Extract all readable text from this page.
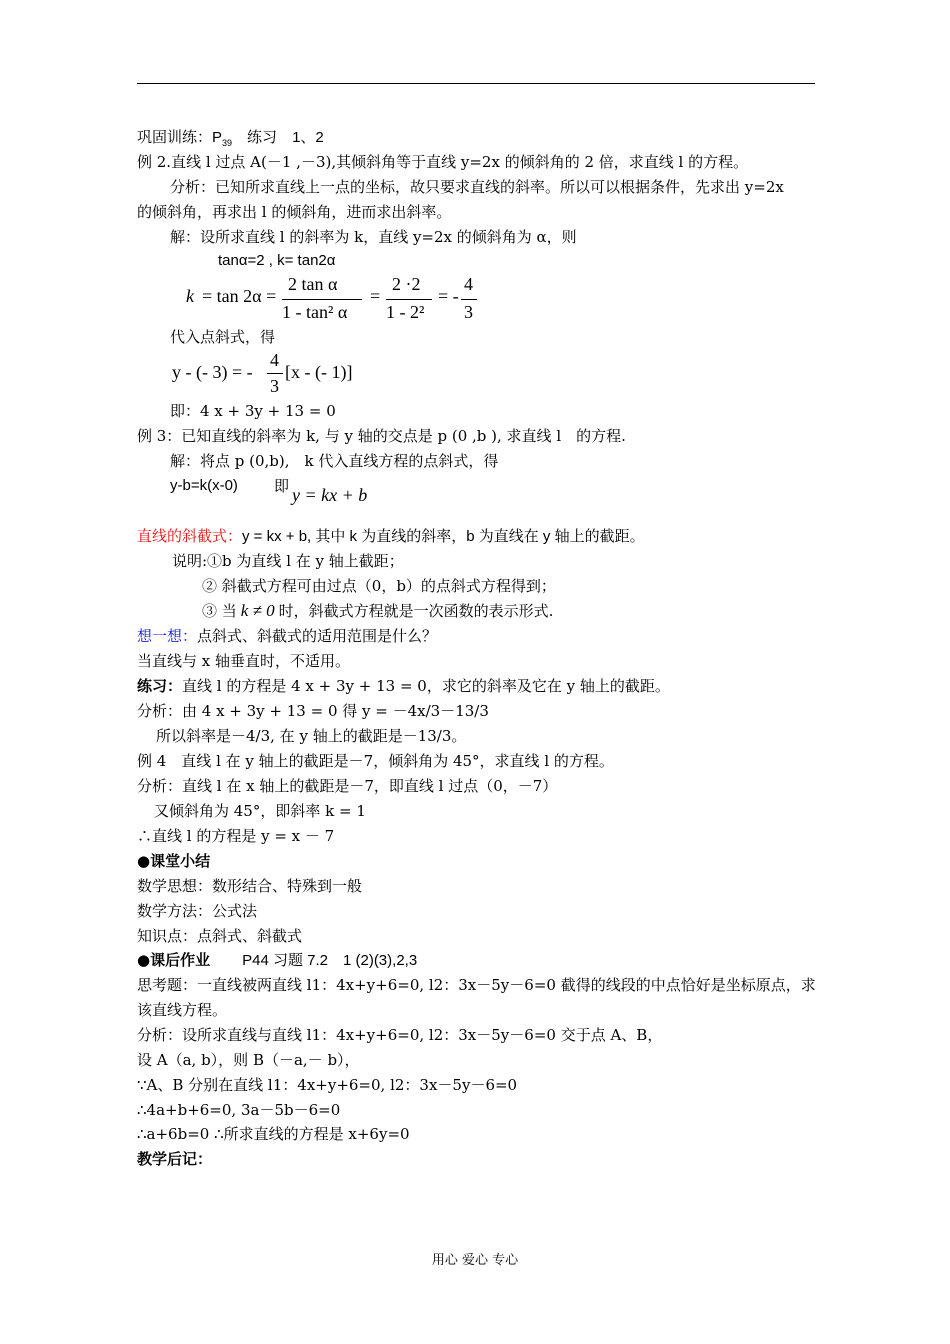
巩固训练：$P_{39}$　练习　1、2
例 2.直线 l 过点 A(－1 ,－3),其倾斜角等于直线 y=2x 的倾斜角的 2 倍，求直线 l 的方程。
分析：已知所求直线上一点的坐标，故只要求直线的斜率。所以可以根据条件，先求出 y=2x
的倾斜角，再求出 l 的倾斜角，进而求出斜率。
解：设所求直线 l 的斜率为 k，直线 y=2x 的倾斜角为 α，则
tanα=2 , k= tan2α
k = tan 2α =
2 tan α
1 - tan² α
=
2 ·2
1 - 2²
= -
4
3
代入点斜式，得
y - (- 3) = -
4
3
[x - (- 1)]
即：4 x + 3y + 13 = 0
例 3：已知直线的斜率为 k, 与 y 轴的交点是 p (0 ,b ), 求直线 l　的方程.
解：将点 p (0,b),　k 代入直线方程的点斜式，得
y-b=k(x-0) 即 y = kx + b
直线的斜截式：y = kx + b, 其中 k 为直线的斜率，b 为直线在 y 轴上的截距。
说明:①b 为直线 l 在 y 轴上截距；
② 斜截式方程可由过点（0，b）的点斜式方程得到；
③ 当 k ≠ 0 时，斜截式方程就是一次函数的表示形式.
想一想：点斜式、斜截式的适用范围是什么？
当直线与 x 轴垂直时，不适用。
练习：直线 l 的方程是 4 x + 3y + 13 = 0，求它的斜率及它在 y 轴上的截距。
分析：由 4 x + 3y + 13 = 0 得 y = －4x/3－13/3
所以斜率是－4/3, 在 y 轴上的截距是－13/3。
例 4　直线 l 在 y 轴上的截距是－7，倾斜角为 45°，求直线 l 的方程。
分析：直线 l 在 x 轴上的截距是－7，即直线 l 过点（0，－7）
又倾斜角为 45°，即斜率 k = 1
∴直线 l 的方程是 y = x － 7
●课堂小结
数学思想：数形结合、特殊到一般
数学方法：公式法
知识点：点斜式、斜截式
●课后作业 P44 习题 7.2　1 (2)(3),2,3
思考题：一直线被两直线 l1：4x+y+6=0, l2：3x－5y－6=0 截得的线段的中点恰好是坐标原点，求
该直线方程。
分析：设所求直线与直线 l1：4x+y+6=0, l2：3x－5y－6=0 交于点 A、B，
设 A（a, b），则 B（－a,－ b），
∵A、B 分别在直线 l1：4x+y+6=0, l2：3x－5y－6=0
∴4a+b+6=0, 3a－5b－6=0
∴a+6b=0 ∴所求直线的方程是 x+6y=0
教学后记：
用心 爱心 专心
